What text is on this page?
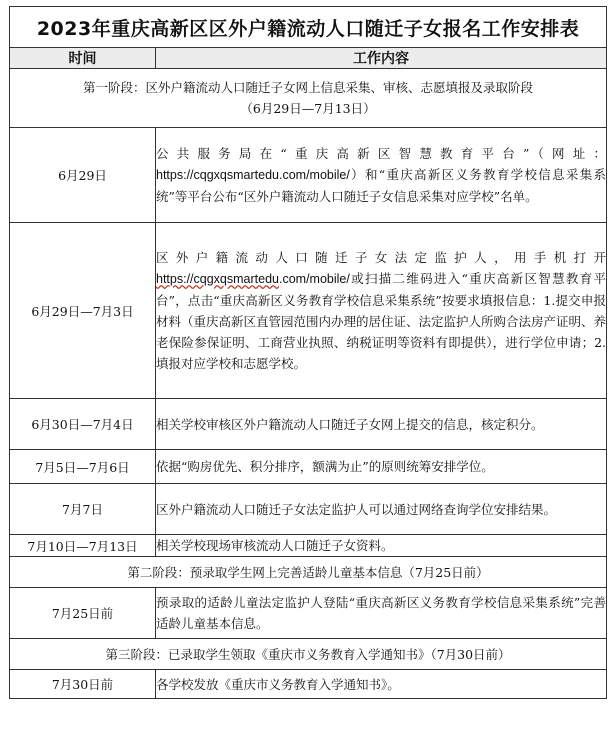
2023年重庆高新区区外户籍流动人口随迁子女报名工作安排表	
时间	工作内容

第一阶段：区外户籍流动人口随迁子女网上信息采集、审核、志愿填报及录取阶段
（6月29日—7月13日）	

6月29日	公共服务局在“重庆高新区智慧教育平台”（网址：https://cqgxqsmartedu.com/mobile/）和“重庆高新区义务教育学校信息采集系统”等平台公布“区外户籍流动人口随迁子女信息采集对应学校”名单。
6月29日—7月3日	区外户籍流动人口随迁子女法定监护人，用手机打开https://cqgxqsmartedu.com/mobile/或扫描二维码进入“重庆高新区智慧教育平台”，点击“重庆高新区义务教育学校信息采集系统”按要求填报信息：1.提交申报材料（重庆高新区直管园范围内办理的居住证、法定监护人所购合法房产证明、养老保险参保证明、工商营业执照、纳税证明等资料有即提供），进行学位申请；2.填报对应学校和志愿学校。
6月30日—7月4日	相关学校审核区外户籍流动人口随迁子女网上提交的信息，核定积分。
7月5日—7月6日	依据“购房优先、积分排序，额满为止”的原则统筹安排学位。
7月7日	区外户籍流动人口随迁子女法定监护人可以通过网络查询学位安排结果。
7月10日—7月13日	相关学校现场审核流动人口随迁子女资料。
第二阶段：预录取学生网上完善适龄儿童基本信息（7月25日前）	
7月25日前	预录取的适龄儿童法定监护人登陆“重庆高新区义务教育学校信息采集系统”完善适龄儿童基本信息。
第三阶段：已录取学生领取《重庆市义务教育入学通知书》（7月30日前）	
7月30日前	各学校发放《重庆市义务教育入学通知书》。
